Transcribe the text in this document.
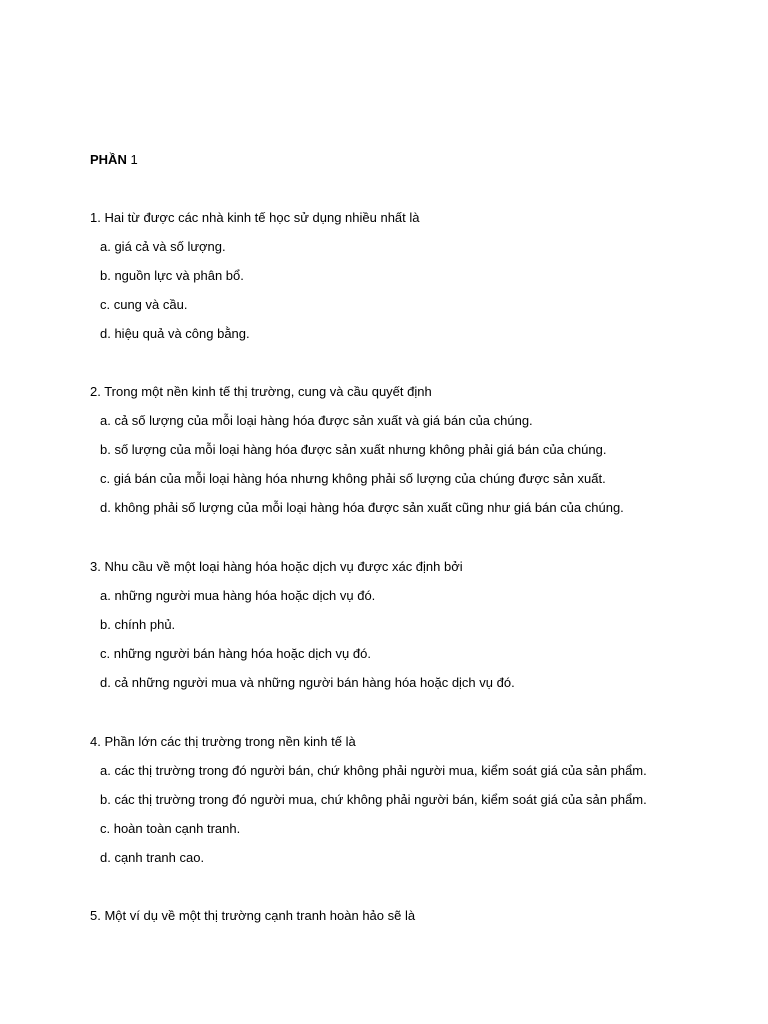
PHẦN 1
1. Hai từ được các nhà kinh tế học sử dụng nhiều nhất là
a. giá cả và số lượng.
b. nguồn lực và phân bổ.
c. cung và cầu.
d. hiệu quả và công bằng.
2. Trong một nền kinh tế thị trường, cung và cầu quyết định
a. cả số lượng của mỗi loại hàng hóa được sản xuất và giá bán của chúng.
b. số lượng của mỗi loại hàng hóa được sản xuất nhưng không phải giá bán của chúng.
c. giá bán của mỗi loại hàng hóa nhưng không phải số lượng của chúng được sản xuất.
d. không phải số lượng của mỗi loại hàng hóa được sản xuất cũng như giá bán của chúng.
3. Nhu cầu về một loại hàng hóa hoặc dịch vụ được xác định bởi
a. những người mua hàng hóa hoặc dịch vụ đó.
b. chính phủ.
c. những người bán hàng hóa hoặc dịch vụ đó.
d. cả những người mua và những người bán hàng hóa hoặc dịch vụ đó.
4. Phần lớn các thị trường trong nền kinh tế là
a. các thị trường trong đó người bán, chứ không phải người mua, kiểm soát giá của sản phẩm.
b. các thị trường trong đó người mua, chứ không phải người bán, kiểm soát giá của sản phẩm.
c. hoàn toàn cạnh tranh.
d. cạnh tranh cao.
5. Một ví dụ về một thị trường cạnh tranh hoàn hảo sẽ là
